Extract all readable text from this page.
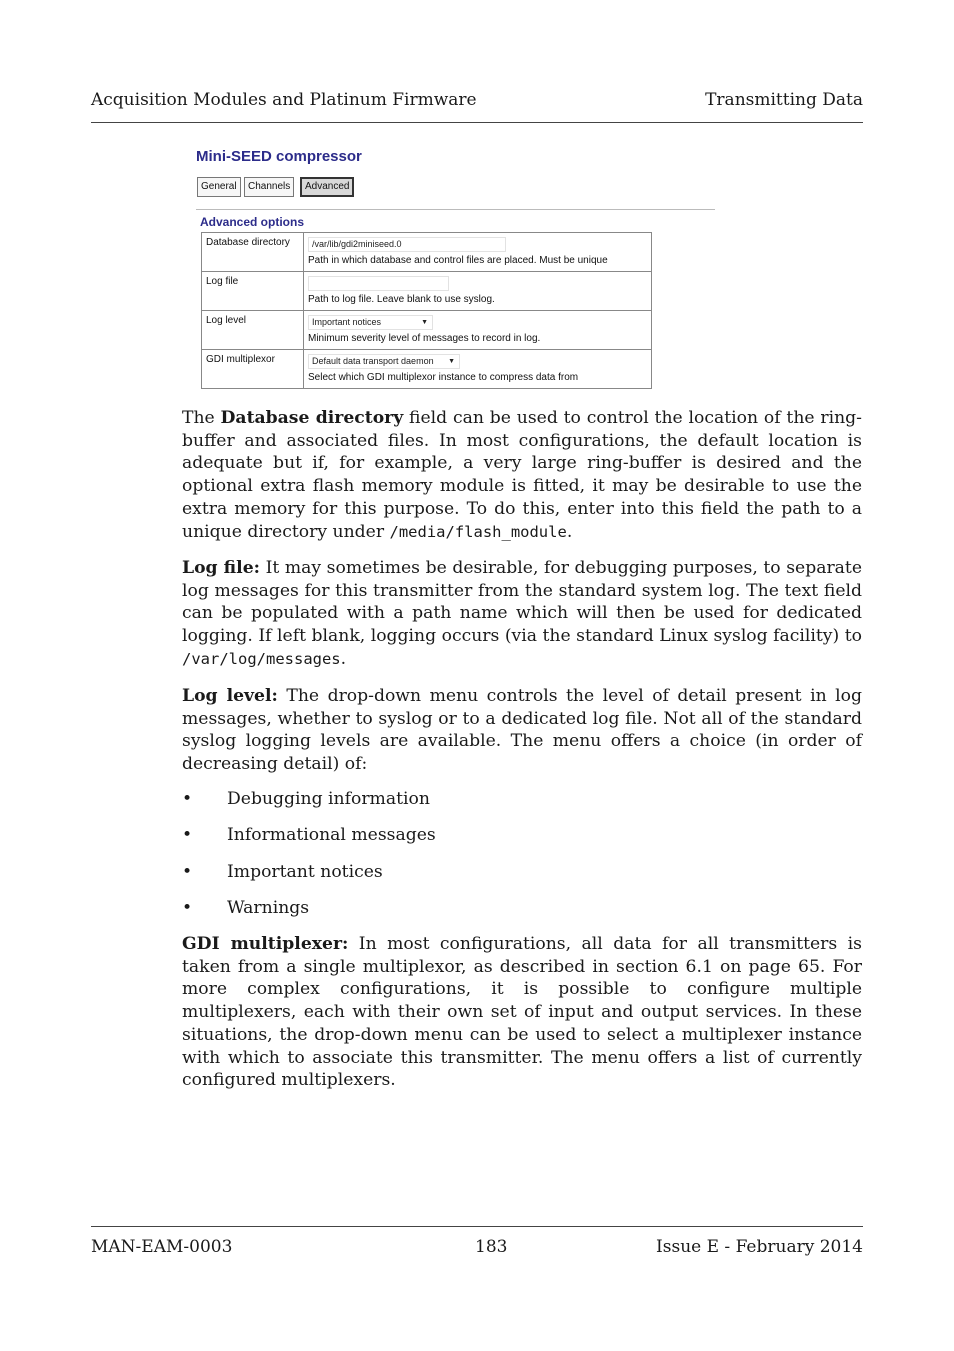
Acquisition Modules and Platinum Firmware	Transmitting Data
Mini-SEED compressor
General	Channels	Advanced
Advanced options
Database directory	/var/lib/gdi2miniseed.0
Path in which database and control files are placed. Must be unique
Log file
Path to log file. Leave blank to use syslog.
Log level	Important notices	▼
Minimum severity level of messages to record in log.
GDI multiplexor	Default data transport daemon ▼
Select which GDI multiplexor instance to compress data from

The Database directory field can be used to control the location of the ring-buffer and associated files. In most configurations, the default location is adequate but if, for example, a very large ring-buffer is desired and the optional extra flash memory module is fitted, it may be desirable to use the extra memory for this purpose. To do this, enter into this field the path to a unique directory under /media/flash_module.

Log file: It may sometimes be desirable, for debugging purposes, to separate log messages for this transmitter from the standard system log. The text field can be populated with a path name which will then be used for dedicated logging. If left blank, logging occurs (via the standard Linux syslog facility) to /var/log/messages.

Log level: The drop-down menu controls the level of detail present in log messages, whether to syslog or to a dedicated log file. Not all of the standard syslog logging levels are available. The menu offers a choice (in order of decreasing detail) of:

• Debugging information
• Informational messages
• Important notices
• Warnings

GDI multiplexer: In most configurations, all data for all transmitters is taken from a single multiplexor, as described in section 6.1 on page 65. For more complex configurations, it is possible to configure multiple multiplexers, each with their own set of input and output services. In these situations, the drop-down menu can be used to select a multiplexer instance with which to associate this transmitter. The menu offers a list of currently configured multiplexers.

MAN-EAM-0003	183	Issue E - February 2014
